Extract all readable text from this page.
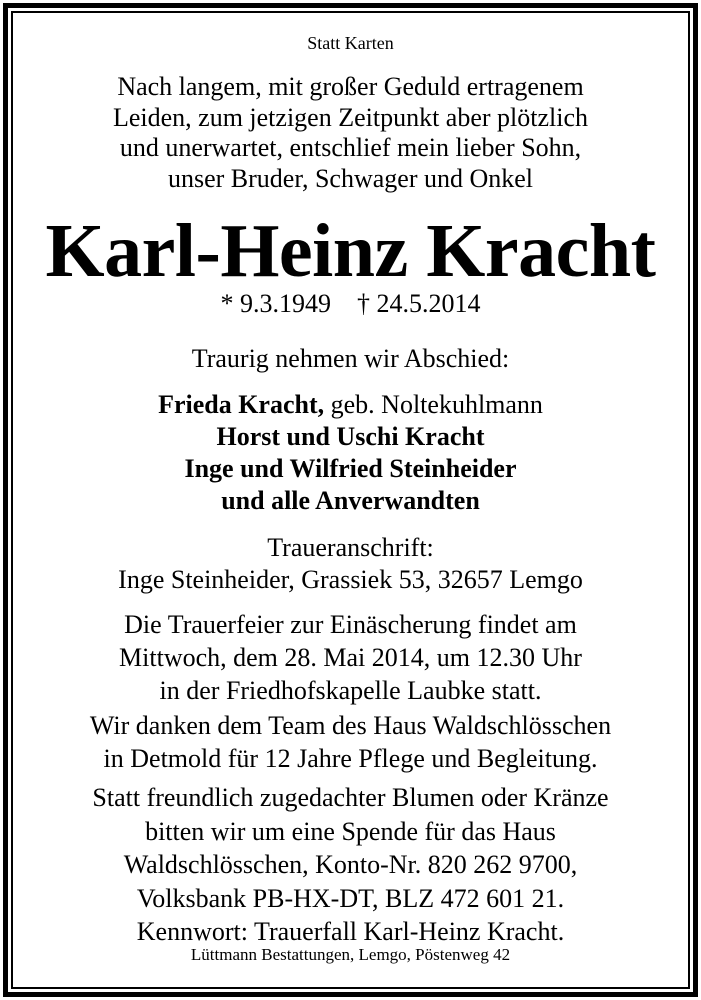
Statt Karten
Nach langem, mit großer Geduld ertragenem
Leiden, zum jetzigen Zeitpunkt aber plötzlich
und unerwartet, entschlief mein lieber Sohn,
unser Bruder, Schwager und Onkel
Karl-Heinz Kracht
* 9.3.1949 † 24.5.2014
Traurig nehmen wir Abschied:
Frieda Kracht, geb. Noltekuhlmann
Horst und Uschi Kracht
Inge und Wilfried Steinheider
und alle Anverwandten
Traueranschrift:
Inge Steinheider, Grassiek 53, 32657 Lemgo
Die Trauerfeier zur Einäscherung findet am
Mittwoch, dem 28. Mai 2014, um 12.30 Uhr
in der Friedhofskapelle Laubke statt.
Wir danken dem Team des Haus Waldschlösschen
in Detmold für 12 Jahre Pflege und Begleitung.
Statt freundlich zugedachter Blumen oder Kränze
bitten wir um eine Spende für das Haus
Waldschlösschen, Konto-Nr. 820 262 9700,
Volksbank PB-HX-DT, BLZ 472 601 21.
Kennwort: Trauerfall Karl-Heinz Kracht.
Lüttmann Bestattungen, Lemgo, Pöstenweg 42
